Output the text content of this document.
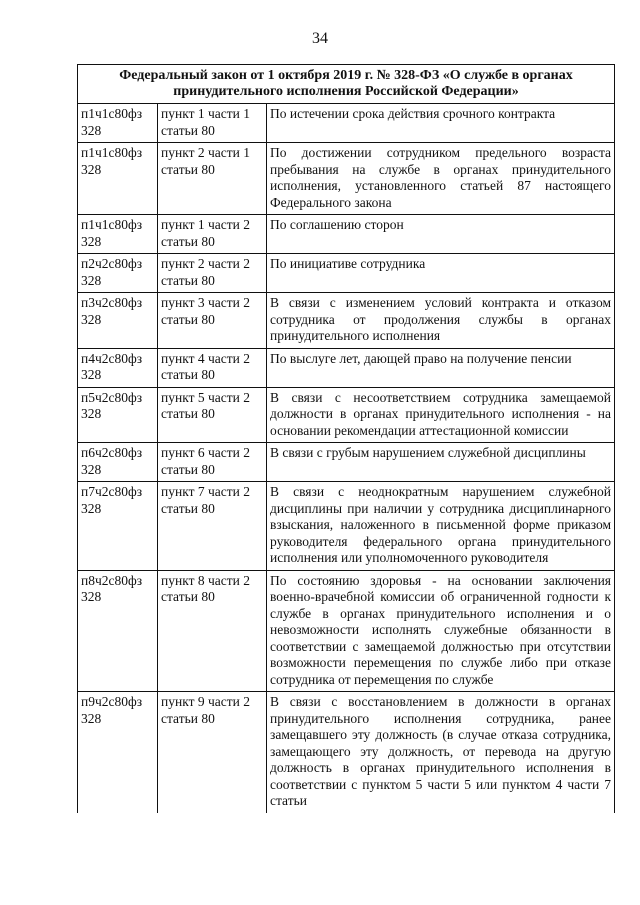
34
Федеральный закон от 1 октября 2019 г. № 328-ФЗ «О службе в органах принудительного исполнения Российской Федерации»		
п1ч1с80фз 328	пункт 1 части 1 статьи 80	По истечении срока действия срочного контракта
п1ч1с80фз 328	пункт 2 части 1 статьи 80	По достижении сотрудником предельного возраста пребывания на службе в органах принудительного исполнения, установленного статьей 87 настоящего Федерального закона
п1ч1с80фз 328	пункт 1 части 2 статьи 80	По соглашению сторон
п2ч2с80фз 328	пункт 2 части 2 статьи 80	По инициативе сотрудника
п3ч2с80фз 328	пункт 3 части 2 статьи 80	В связи с изменением условий контракта и отказом сотрудника от продолжения службы в органах принудительного исполнения
п4ч2с80фз 328	пункт 4 части 2 статьи 80	По выслуге лет, дающей право на получение пенсии
п5ч2с80фз 328	пункт 5 части 2 статьи 80	В связи с несоответствием сотрудника замещаемой должности в органах принудительного исполнения - на основании рекомендации аттестационной комиссии
п6ч2с80фз 328	пункт 6 части 2 статьи 80	В связи с грубым нарушением служебной дисциплины
п7ч2с80фз 328	пункт 7 части 2 статьи 80	В связи с неоднократным нарушением служебной дисциплины при наличии у сотрудника дисциплинарного взыскания, наложенного в письменной форме приказом руководителя федерального органа принудительного исполнения или уполномоченного руководителя
п8ч2с80фз 328	пункт 8 части 2 статьи 80	По состоянию здоровья - на основании заключения военно-врачебной комиссии об ограниченной годности к службе в органах принудительного исполнения и о невозможности исполнять служебные обязанности в соответствии с замещаемой должностью при отсутствии возможности перемещения по службе либо при отказе сотрудника от перемещения по службе
п9ч2с80фз 328	пункт 9 части 2 статьи 80	В связи с восстановлением в должности в органах принудительного исполнения сотрудника, ранее замещавшего эту должность (в случае отказа сотрудника, замещающего эту должность, от перевода на другую должность в органах принудительного исполнения в соответствии с пунктом 5 части 5 или пунктом 4 части 7 статьи
